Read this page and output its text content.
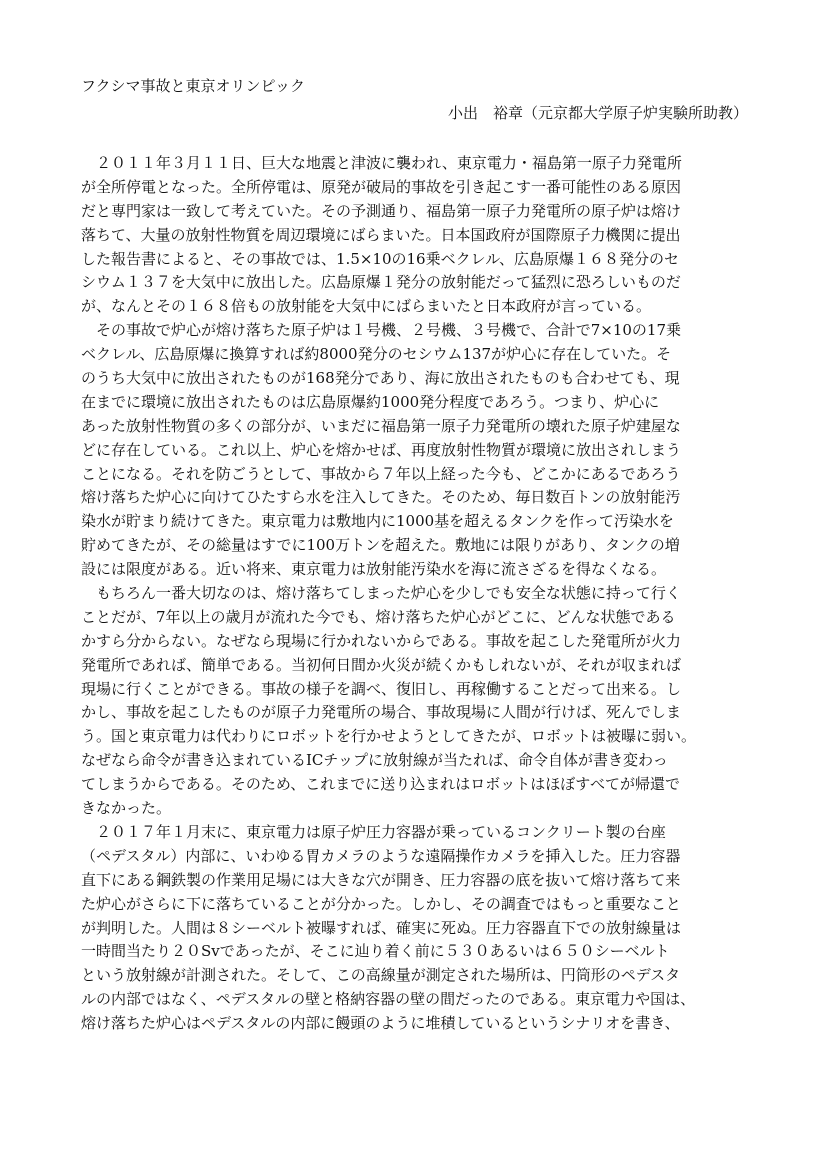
フクシマ事故と東京オリンピック
小出　裕章（元京都大学原子炉実験所助教）
　２０１１年３月１１日、巨大な地震と津波に襲われ、東京電力・福島第一原子力発電所
が全所停電となった。全所停電は、原発が破局的事故を引き起こす一番可能性のある原因
だと専門家は一致して考えていた。その予測通り、福島第一原子力発電所の原子炉は熔け
落ちて、大量の放射性物質を周辺環境にばらまいた。日本国政府が国際原子力機関に提出
した報告書によると、その事故では、1.5×10の16乗ベクレル、広島原爆１６８発分のセ
シウム１３７を大気中に放出した。広島原爆１発分の放射能だって猛烈に恐ろしいものだ
が、なんとその１６８倍もの放射能を大気中にばらまいたと日本政府が言っている。
　その事故で炉心が熔け落ちた原子炉は１号機、２号機、３号機で、合計で7×10の17乗
ベクレル、広島原爆に換算すれば約8000発分のセシウム137が炉心に存在していた。そ
のうち大気中に放出されたものが168発分であり、海に放出されたものも合わせても、現
在までに環境に放出されたものは広島原爆約1000発分程度であろう。つまり、炉心に
あった放射性物質の多くの部分が、いまだに福島第一原子力発電所の壊れた原子炉建屋な
どに存在している。これ以上、炉心を熔かせば、再度放射性物質が環境に放出されしまう
ことになる。それを防ごうとして、事故から７年以上経った今も、どこかにあるであろう
熔け落ちた炉心に向けてひたすら水を注入してきた。そのため、毎日数百トンの放射能汚
染水が貯まり続けてきた。東京電力は敷地内に1000基を超えるタンクを作って汚染水を
貯めてきたが、その総量はすでに100万トンを超えた。敷地には限りがあり、タンクの増
設には限度がある。近い将来、東京電力は放射能汚染水を海に流さざるを得なくなる。
　もちろん一番大切なのは、熔け落ちてしまった炉心を少しでも安全な状態に持って行く
ことだが、7年以上の歳月が流れた今でも、熔け落ちた炉心がどこに、どんな状態である
かすら分からない。なぜなら現場に行かれないからである。事故を起こした発電所が火力
発電所であれば、簡単である。当初何日間か火災が続くかもしれないが、それが収まれば
現場に行くことができる。事故の様子を調べ、復旧し、再稼働することだって出来る。し
かし、事故を起こしたものが原子力発電所の場合、事故現場に人間が行けば、死んでしま
う。国と東京電力は代わりにロボットを行かせようとしてきたが、ロボットは被曝に弱い。
なぜなら命令が書き込まれているICチップに放射線が当たれば、命令自体が書き変わっ
てしまうからである。そのため、これまでに送り込まれはロボットはほぼすべてが帰還で
きなかった。
　２０１７年１月末に、東京電力は原子炉圧力容器が乗っているコンクリート製の台座
（ペデスタル）内部に、いわゆる胃カメラのような遠隔操作カメラを挿入した。圧力容器
直下にある鋼鉄製の作業用足場には大きな穴が開き、圧力容器の底を抜いて熔け落ちて来
た炉心がさらに下に落ちていることが分かった。しかし、その調査ではもっと重要なこと
が判明した。人間は８シーベルト被曝すれば、確実に死ぬ。圧力容器直下での放射線量は
一時間当たり２０Svであったが、そこに辿り着く前に５３０あるいは６５０シーベルト
という放射線が計測された。そして、この高線量が測定された場所は、円筒形のペデスタ
ルの内部ではなく、ペデスタルの壁と格納容器の壁の間だったのである。東京電力や国は、
熔け落ちた炉心はペデスタルの内部に饅頭のように堆積しているというシナリオを書き、
